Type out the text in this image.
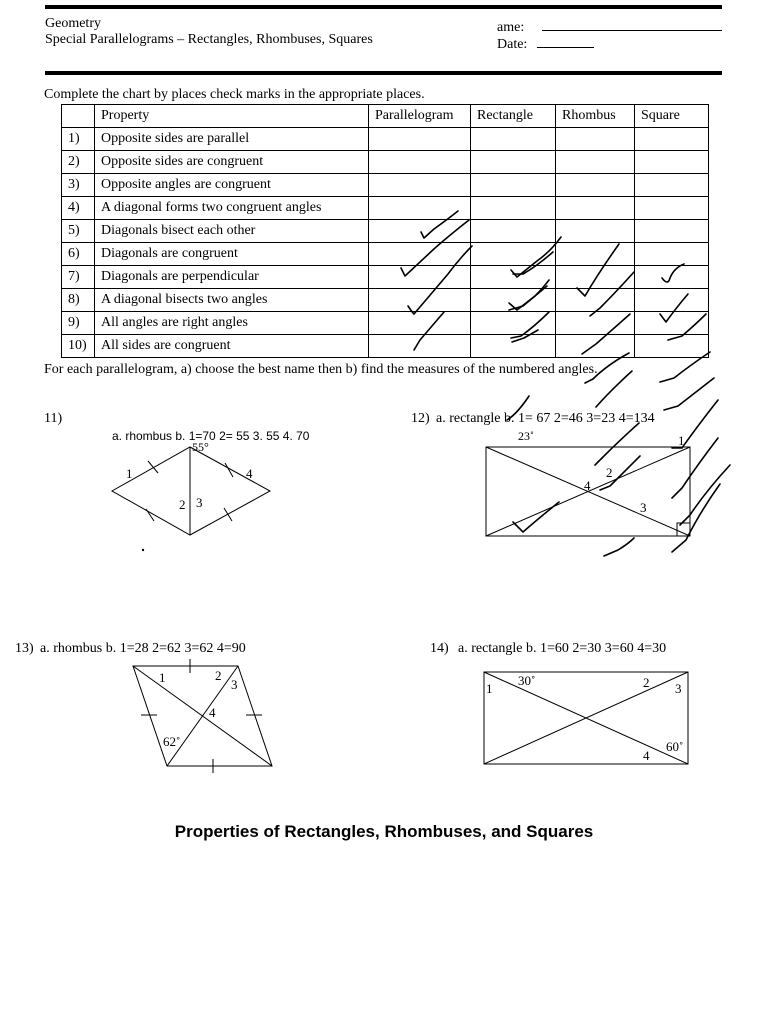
Geometry
Special Parallelograms – Rectangles, Rhombuses, Squares
ame:
Date:
Complete the chart by places check marks in the appropriate places.
	Property	Parallelogram	Rectangle	Rhombus	Square
1)	Opposite sides are parallel				
2)	Opposite sides are congruent				
3)	Opposite angles are congruent				
4)	A diagonal forms two congruent angles				
5)	Diagonals bisect each other				
6)	Diagonals are congruent				
7)	Diagonals are perpendicular				
8)	A diagonal bisects two angles				
9)	All angles are right angles				
10)	All sides are congruent				
For each parallelogram, a) choose the best name then b) find the measures of the numbered angles.
11)
a. rhombus b. 1=70 2= 55 3. 55 4. 70
55°
1
2 3
4
12) a. rectangle b. 1= 67 2=46 3=23 4=134
23˚	1
2
3
4
13) a. rhombus b. 1=28 2=62 3=62 4=90
1	2
3
4
62˚
14) a. rectangle b. 1=60 2=30 3=60 4=30
1
30˚	2 3
60˚
4
Properties of Rectangles, Rhombuses, and Squares
